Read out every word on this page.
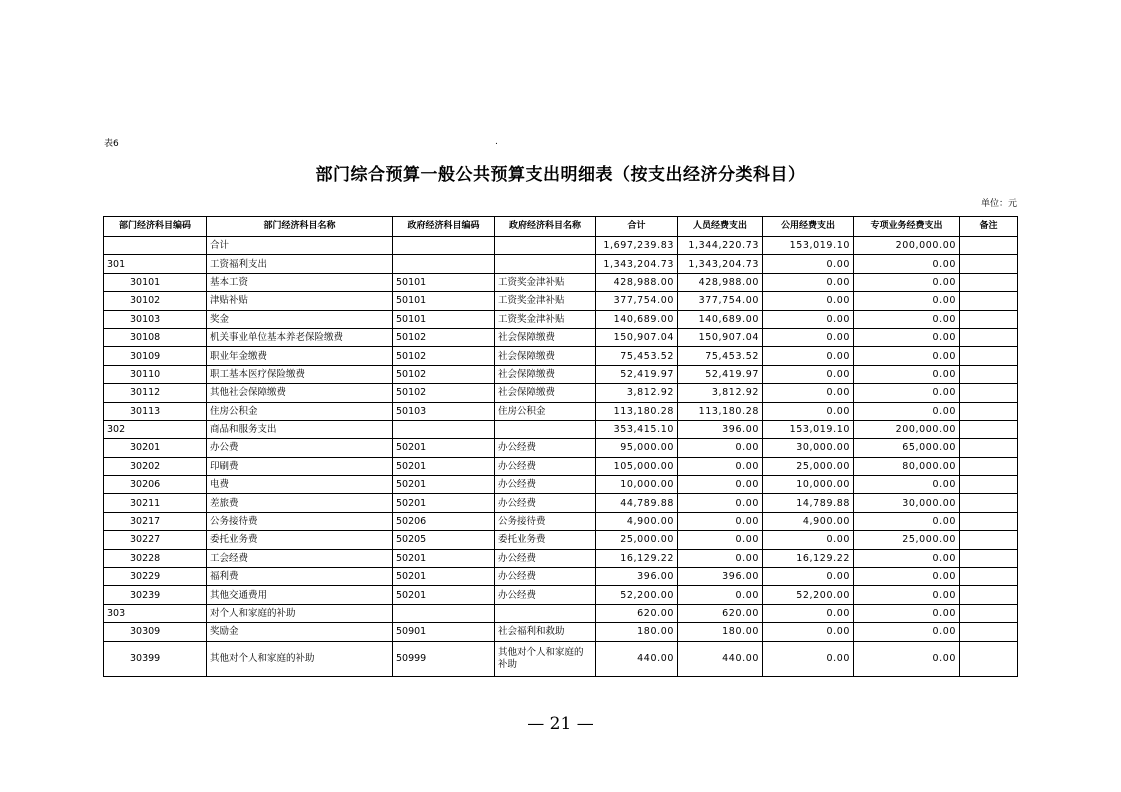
表6	.
部门综合预算一般公共预算支出明细表（按支出经济分类科目）
单位：元
部门经济科目编码	部门经济科目名称	政府经济科目编码	政府经济科目名称	合计	人员经费支出	公用经费支出	专项业务经费支出	备注
	合计			1,697,239.83	1,344,220.73	153,019.10	200,000.00	
301	工资福利支出			1,343,204.73	1,343,204.73	0.00	0.00	
30101	基本工资	50101	工资奖金津补贴	428,988.00	428,988.00	0.00	0.00	
30102	津贴补贴	50101	工资奖金津补贴	377,754.00	377,754.00	0.00	0.00	
30103	奖金	50101	工资奖金津补贴	140,689.00	140,689.00	0.00	0.00	
30108	机关事业单位基本养老保险缴费	50102	社会保障缴费	150,907.04	150,907.04	0.00	0.00	
30109	职业年金缴费	50102	社会保障缴费	75,453.52	75,453.52	0.00	0.00	
30110	职工基本医疗保险缴费	50102	社会保障缴费	52,419.97	52,419.97	0.00	0.00	
30112	其他社会保障缴费	50102	社会保障缴费	3,812.92	3,812.92	0.00	0.00	
30113	住房公积金	50103	住房公积金	113,180.28	113,180.28	0.00	0.00	
302	商品和服务支出			353,415.10	396.00	153,019.10	200,000.00	
30201	办公费	50201	办公经费	95,000.00	0.00	30,000.00	65,000.00	
30202	印刷费	50201	办公经费	105,000.00	0.00	25,000.00	80,000.00	
30206	电费	50201	办公经费	10,000.00	0.00	10,000.00	0.00	
30211	差旅费	50201	办公经费	44,789.88	0.00	14,789.88	30,000.00	
30217	公务接待费	50206	公务接待费	4,900.00	0.00	4,900.00	0.00	
30227	委托业务费	50205	委托业务费	25,000.00	0.00	0.00	25,000.00	
30228	工会经费	50201	办公经费	16,129.22	0.00	16,129.22	0.00	
30229	福利费	50201	办公经费	396.00	396.00	0.00	0.00	
30239	其他交通费用	50201	办公经费	52,200.00	0.00	52,200.00	0.00	
303	对个人和家庭的补助			620.00	620.00	0.00	0.00	
30309	奖励金	50901	社会福利和救助	180.00	180.00	0.00	0.00	
30399	其他对个人和家庭的补助	50999	其他对个人和家庭的补助	440.00	440.00	0.00	0.00	
— 21 —
